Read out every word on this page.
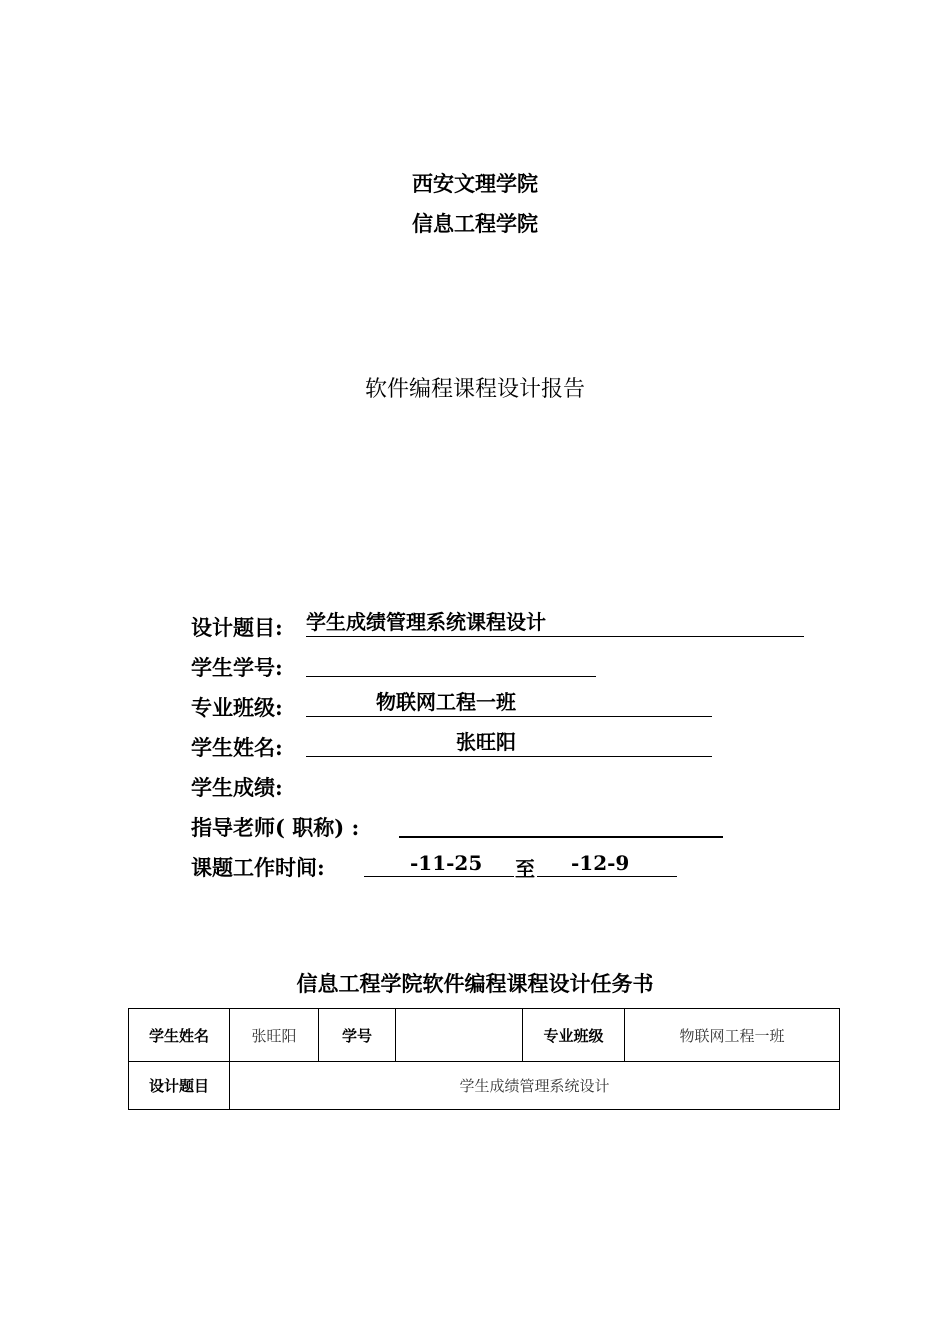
西安文理学院
信息工程学院
软件编程课程设计报告
设计题目: 学生成绩管理系统课程设计
学生学号:
专业班级:	物联网工程一班
学生姓名:	张旺阳
学生成绩:
指导老师( 职称) :
课题工作时间:	-11-25 至 -12-9
信息工程学院软件编程课程设计任务书
学生姓名	张旺阳	学号		专业班级	物联网工程一班
设计题目	学生成绩管理系统设计				
